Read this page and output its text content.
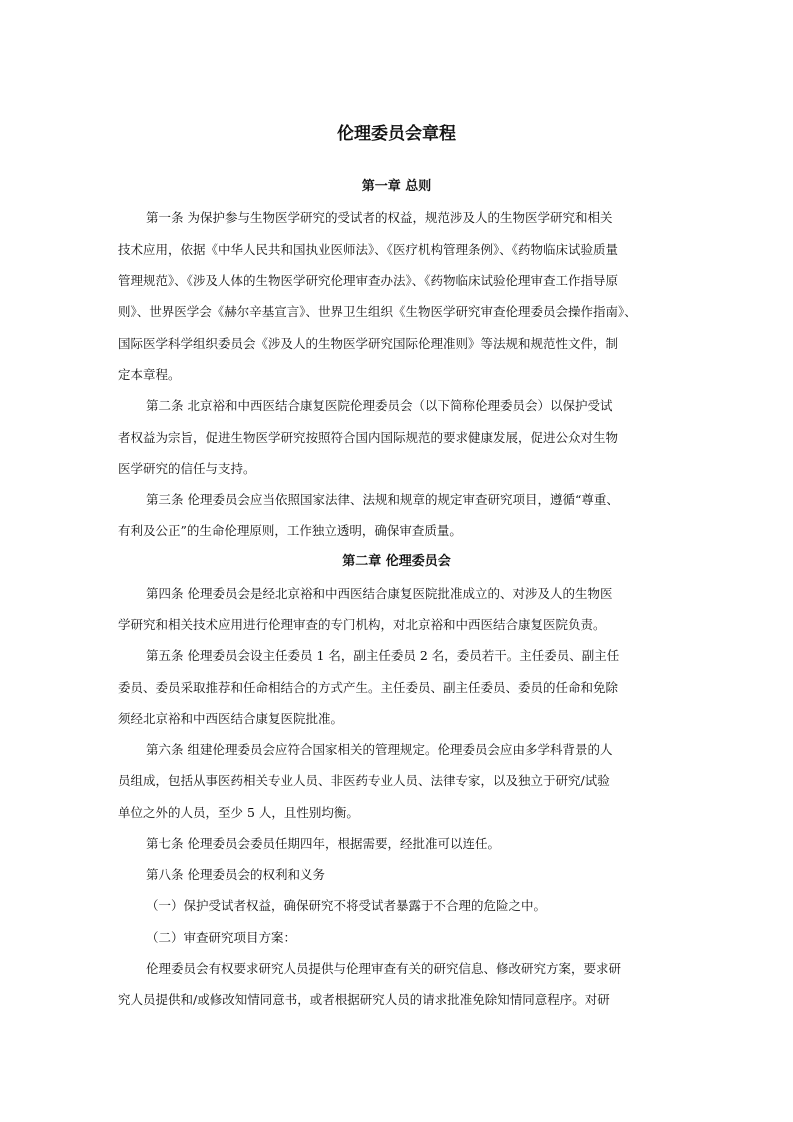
伦理委员会章程
第一章 总则
第一条 为保护参与生物医学研究的受试者的权益，规范涉及人的生物医学研究和相关
技术应用，依据《中华人民共和国执业医师法》、《医疗机构管理条例》、《药物临床试验质量
管理规范》、《涉及人体的生物医学研究伦理审查办法》、《药物临床试验伦理审查工作指导原
则》、世界医学会《赫尔辛基宣言》、世界卫生组织《生物医学研究审查伦理委员会操作指南》、
国际医学科学组织委员会《涉及人的生物医学研究国际伦理准则》等法规和规范性文件，制
定本章程。
第二条 北京裕和中西医结合康复医院伦理委员会（以下简称伦理委员会）以保护受试
者权益为宗旨，促进生物医学研究按照符合国内国际规范的要求健康发展，促进公众对生物
医学研究的信任与支持。
第三条 伦理委员会应当依照国家法律、法规和规章的规定审查研究项目，遵循“尊重、
有利及公正”的生命伦理原则，工作独立透明，确保审查质量。
第二章 伦理委员会
第四条 伦理委员会是经北京裕和中西医结合康复医院批准成立的、对涉及人的生物医
学研究和相关技术应用进行伦理审查的专门机构，对北京裕和中西医结合康复医院负责。
第五条 伦理委员会设主任委员 1 名，副主任委员 2 名，委员若干。主任委员、副主任
委员、委员采取推荐和任命相结合的方式产生。主任委员、副主任委员、委员的任命和免除
须经北京裕和中西医结合康复医院批准。
第六条 组建伦理委员会应符合国家相关的管理规定。伦理委员会应由多学科背景的人
员组成，包括从事医药相关专业人员、非医药专业人员、法律专家，以及独立于研究/试验
单位之外的人员，至少 5 人，且性别均衡。
第七条 伦理委员会委员任期四年，根据需要，经批准可以连任。
第八条 伦理委员会的权利和义务
（一）保护受试者权益，确保研究不将受试者暴露于不合理的危险之中。
（二）审查研究项目方案：
伦理委员会有权要求研究人员提供与伦理审查有关的研究信息、修改研究方案，要求研
究人员提供和/或修改知情同意书，或者根据研究人员的请求批准免除知情同意程序。对研
